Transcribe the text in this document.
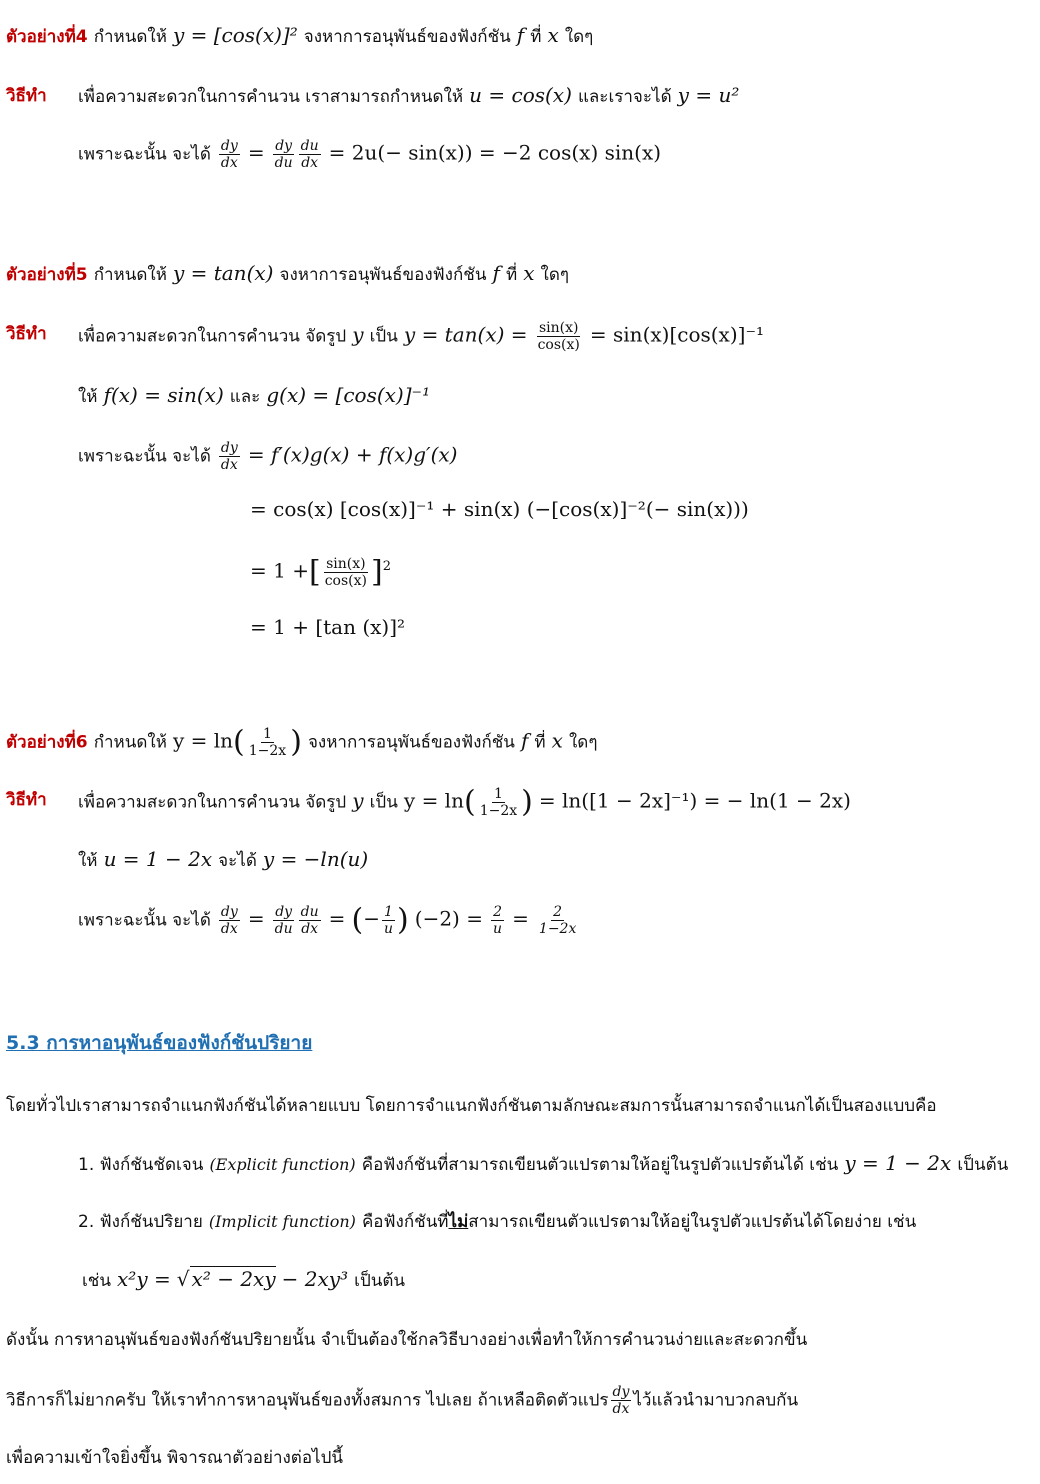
ตัวอย่างที่4 กำหนดให้ y = [cos(x)]² จงหาการอนุพันธ์ของฟังก์ชัน f ที่ x ใดๆ
วิธีทำ เพื่อความสะดวกในการคำนวน เราสามารถกำหนดให้ u = cos(x) และเราจะได้ y = u²
เพราะฉะนั้น จะได้ $\frac{dy}{dx} = \frac{dy}{du} \frac{du}{dx} = 2u(- \sin(x)) = -2$ cos(x) sin(x)
ตัวอย่างที่5 กำหนดให้ y = tan(x) จงหาการอนุพันธ์ของฟังก์ชัน f ที่ x ใดๆ
วิธีทำ เพื่อความสะดวกในการคำนวน จัดรูป y เป็น $y = \tan(x) = \frac{\sin(x)}{\cos(x)} = \sin(x)[\cos(x)]^{-1}$
ให้ f(x) = sin(x) และ g(x) = [cos(x)]⁻¹
เพราะฉะนั้น จะได้ $\frac{dy}{dx} = f'(x)g(x) + f(x)g'(x)$
= cos(x) [cos(x)]⁻¹ + sin(x) (−[cos(x)]⁻²(− sin(x)))
= 1 +[ $\frac{\sin(x)}{\cos(x)} ]^2$
= 1 + [tan (x)]²
ตัวอย่างที่6 กำหนดให้ $y = \ln( \frac{1}{1-2x}$ ) จงหาการอนุพันธ์ของฟังก์ชัน f ที่ x ใดๆ
วิธีทำ เพื่อความสะดวกในการคำนวน จัดรูป y เป็น $y = \ln( \frac{1}{1-2x}$ ) = ln([1 − 2x]⁻¹) = − ln(1 − 2x)
ให้ u = 1 − 2x จะได้ y = −ln(u)
เพราะฉะนั้น จะได้ $\frac{dy}{dx} = \frac{dy}{du} \frac{du}{dx}$ = (− $\frac{1}{u}$ ) $(-2) = \frac{2}{u} = \frac{2}{1-2x}$
5.3 การหาอนุพันธ์ของฟังก์ชันปริยาย
โดยทั่วไปเราสามารถจำแนกฟังก์ชันได้หลายแบบ โดยการจำแนกฟังก์ชันตามลักษณะสมการนั้นสามารถจำแนกได้เป็นสองแบบคือ
1. ฟังก์ชันชัดเจน (Explicit function) คือฟังก์ชันที่สามารถเขียนตัวแปรตามให้อยู่ในรูปตัวแปรต้นได้ เช่น y = 1 − 2x เป็นต้น
2. ฟังก์ชันปริยาย (Implicit function) คือฟังก์ชันที่ไม่สามารถเขียนตัวแปรตามให้อยู่ในรูปตัวแปรต้นได้โดยง่าย เช่น
เช่น x²y = √ x² − 2xy − 2xy³ เป็นต้น
ดังนั้น การหาอนุพันธ์ของฟังก์ชันปริยายนั้น จำเป็นต้องใช้กลวิธีบางอย่างเพื่อทำให้การคำนวนง่ายและสะดวกขึ้น
วิธีการก็ไม่ยากครับ ให้เราทำการหาอนุพันธ์ของทั้งสมการ ไปเลย ถ้าเหลือติดตัวแปร $\frac{dy}{dx}$ ไว้แล้วนำมาบวกลบกัน
เพื่อความเข้าใจยิ่งขึ้น พิจารณาตัวอย่างต่อไปนี้
